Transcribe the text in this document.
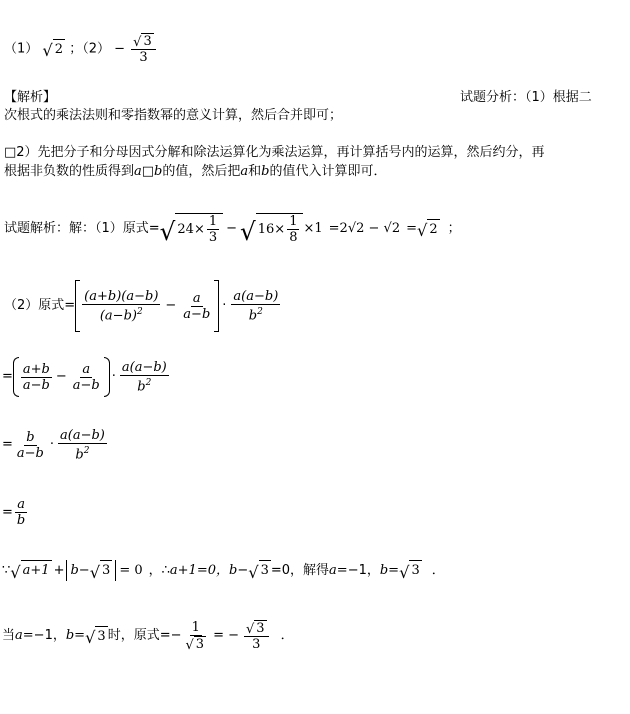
（1） √ 2 ；$(2) - \frac{√ 3}{3}$
【解析】	试题分析：（1）根据二
次根式的乘法法则和零指数幂的意义计算，然后合并即可；
□2）先把分子和分母因式分解和除法运算化为乘法运算，再计算括号内的运算，然后约分，再
根据非负数的性质得到a□b的值，然后把a和b的值代入计算即可．
试题解析：解：（1）原式= √ $24\times \frac{1}{3}$ − √ $16\times \frac{1}{8} \times 1 =2√2 - √2$ = √ 2 ；
（2）原式= $\frac{(a+b)(a-b)}{(a-b)^2} - \frac{a}{a-b} \cdot \frac{a(a-b)}{b^2}$
= $\frac{a+b}{a-b} - \frac{a}{a-b} \cdot \frac{a(a-b)}{b^2}$
= $\frac{b}{a-b} \cdot \frac{a(a-b)}{b^2}$
= $\frac{a}{b}$
∵ √ a+1 + b− √ 3 = 0 ，∴ a+1=0， b − √ 3 =0，解得 a= −1， b= √ 3 ．
当 a= −1， b= √ 3 时，原式=− $\frac{1}{√ 3}$ = − $\frac{√ 3}{3}$ ．
